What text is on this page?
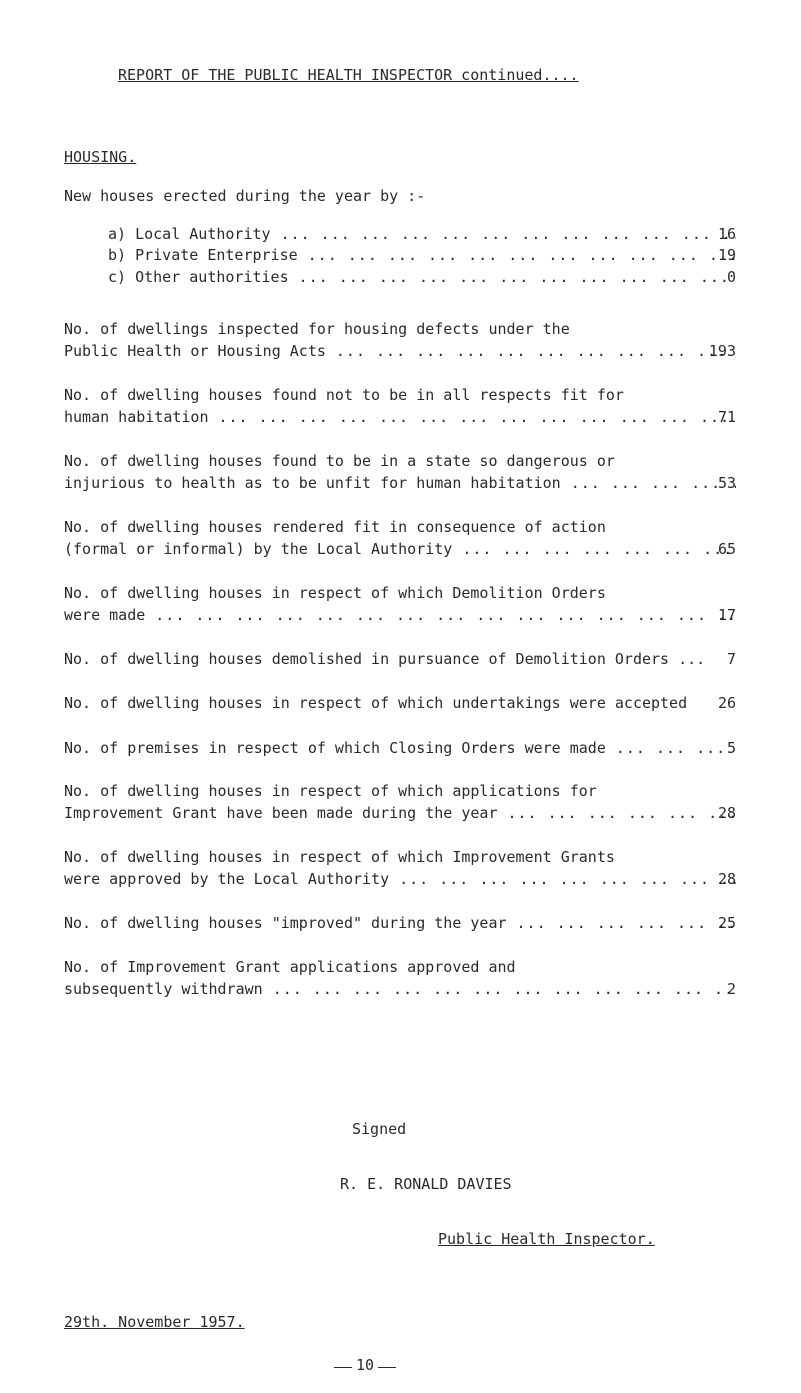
REPORT OF THE PUBLIC HEALTH INSPECTOR continued....
HOUSING.
New houses erected during the year by :-
a) Local Authority ... .	16
b) Private Enterprise ... .	19
c) Other authorities ... .	0
No. of dwellings inspected for housing defects under the
Public Health or Housing Acts ... .	193
No. of dwelling houses found not to be in all respects fit for
human habitation ... .	71
No. of dwelling houses found to be in a state so dangerous or
injurious to health as to be unfit for human habitation ... .	53
No. of dwelling houses rendered fit in consequence of action
(formal or informal) by the Local Authority ... .	65
No. of dwelling houses in respect of which Demolition Orders
were made ... .	17
No. of dwelling houses demolished in pursuance of Demolition Orders ...	7
No. of dwelling houses in respect of which undertakings were accepted	26
No. of premises in respect of which Closing Orders were made ... .	5
No. of dwelling houses in respect of which applications for
Improvement Grant have been made during the year ... .	28
No. of dwelling houses in respect of which Improvement Grants
were approved by the Local Authority ... .	28
No. of dwelling houses "improved" during the year ... .	25
No. of Improvement Grant applications approved and
subsequently withdrawn ... .	2
Signed
R. E. RONALD DAVIES
Public Health Inspector.
29th. November 1957.
10
